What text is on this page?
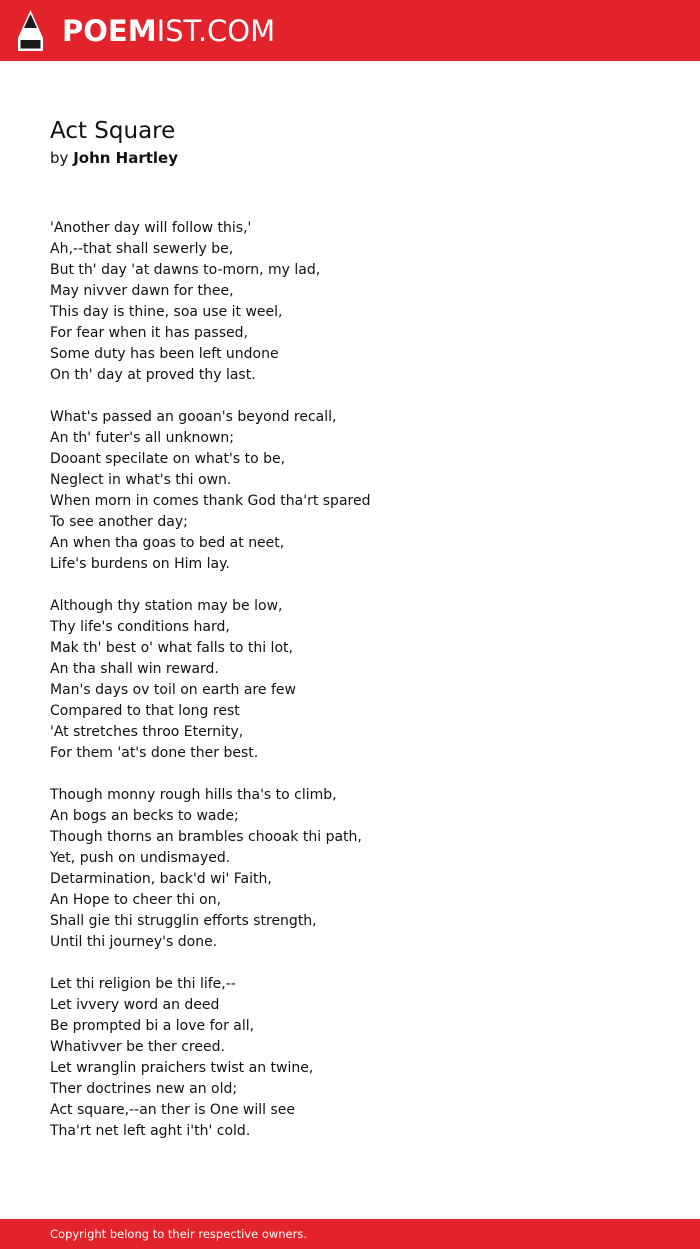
POEMIST.COM
Act Square
by John Hartley
'Another day will follow this,'
Ah,--that shall sewerly be,
But th' day 'at dawns to-morn, my lad,
May nivver dawn for thee,
This day is thine, soa use it weel,
For fear when it has passed,
Some duty has been left undone
On th' day at proved thy last.
What's passed an gooan's beyond recall,
An th' futer's all unknown;
Dooant specilate on what's to be,
Neglect in what's thi own.
When morn in comes thank God tha'rt spared
To see another day;
An when tha goas to bed at neet,
Life's burdens on Him lay.
Although thy station may be low,
Thy life's conditions hard,
Mak th' best o' what falls to thi lot,
An tha shall win reward.
Man's days ov toil on earth are few
Compared to that long rest
'At stretches throo Eternity,
For them 'at's done ther best.
Though monny rough hills tha's to climb,
An bogs an becks to wade;
Though thorns an brambles chooak thi path,
Yet, push on undismayed.
Detarmination, back'd wi' Faith,
An Hope to cheer thi on,
Shall gie thi strugglin efforts strength,
Until thi journey's done.
Let thi religion be thi life,--
Let ivvery word an deed
Be prompted bi a love for all,
Whativver be ther creed.
Let wranglin praichers twist an twine,
Ther doctrines new an old;
Act square,--an ther is One will see
Tha'rt net left aght i'th' cold.
Copyright belong to their respective owners.
